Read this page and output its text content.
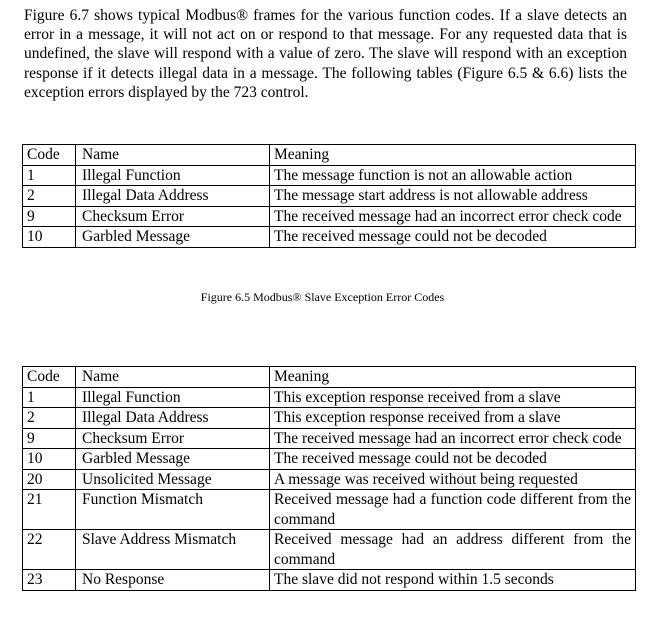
Figure 6.7 shows typical Modbus® frames for the various function codes. If a slave detects an error in a message, it will not act on or respond to that message. For any requested data that is undefined, the slave will respond with a value of zero. The slave will respond with an exception response if it detects illegal data in a message. The following tables (Figure 6.5 & 6.6) lists the exception errors displayed by the 723 control.

Code	Name	Meaning
1	Illegal Function	The message function is not an allowable action
2	Illegal Data Address	The message start address is not allowable address
9	Checksum Error	The received message had an incorrect error check code
10	Garbled Message	The received message could not be decoded
Figure 6.5 Modbus® Slave Exception Error Codes
Code	Name	Meaning
1	Illegal Function	This exception response received from a slave
2	Illegal Data Address	This exception response received from a slave
9	Checksum Error	The received message had an incorrect error check code
10	Garbled Message	The received message could not be decoded
20	Unsolicited Message	A message was received without being requested
21	Function Mismatch	Received message had a function code different from the command
22	Slave Address Mismatch	Received message had an address different from the command
23	No Response	The slave did not respond within 1.5 seconds
